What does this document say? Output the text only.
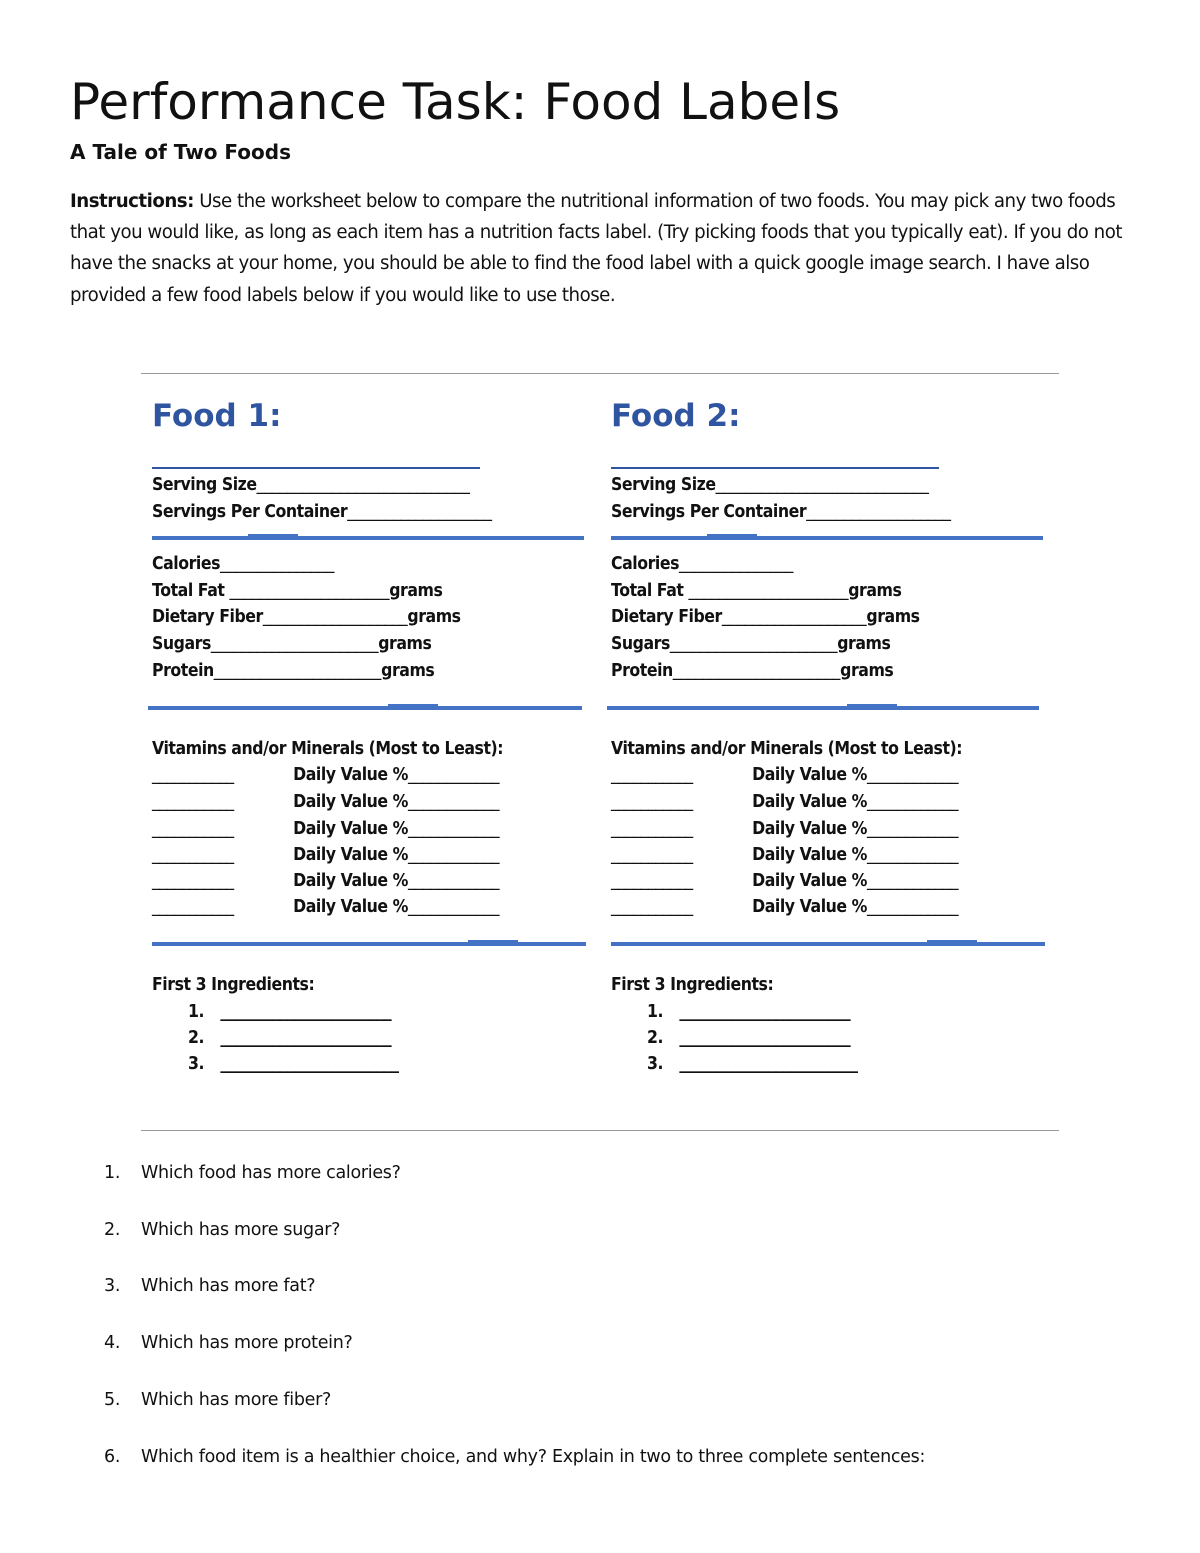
Performance Task: Food Labels
A Tale of Two Foods

Instructions: Use the worksheet below to compare the nutritional information of two foods. You may pick any two foods that you would like, as long as each item has a nutrition facts label. (Try picking foods that you typically eat). If you do not have the snacks at your home, you should be able to find the food label with a quick google image search. I have also provided a few food labels below if you would like to use those.

Food 1:

Serving Size____________________________

Servings Per Container___________________

Calories_______________

Total Fat _____________________grams

Dietary Fiber___________________grams

Sugars______________________grams

Protein______________________grams

Vitamins and/or Minerals (Most to Least):

___________	Daily Value %____________

___________	Daily Value %____________

___________	Daily Value %____________

___________	Daily Value %____________

___________	Daily Value %____________

___________	Daily Value %____________

First 3 Ingredients:

1. _______________________

2. _______________________

3. ________________________

Food 2:

Serving Size____________________________

Servings Per Container___________________

Calories_______________

Total Fat _____________________grams

Dietary Fiber___________________grams

Sugars______________________grams

Protein______________________grams

Vitamins and/or Minerals (Most to Least):

___________	Daily Value %____________

___________	Daily Value %____________

___________	Daily Value %____________

___________	Daily Value %____________

___________	Daily Value %____________

___________	Daily Value %____________

First 3 Ingredients:

1. _______________________

2. _______________________

3. ________________________

1. Which food has more calories?
2. Which has more sugar?
3. Which has more fat?
4. Which has more protein?
5. Which has more fiber?
6. Which food item is a healthier choice, and why? Explain in two to three complete sentences:
